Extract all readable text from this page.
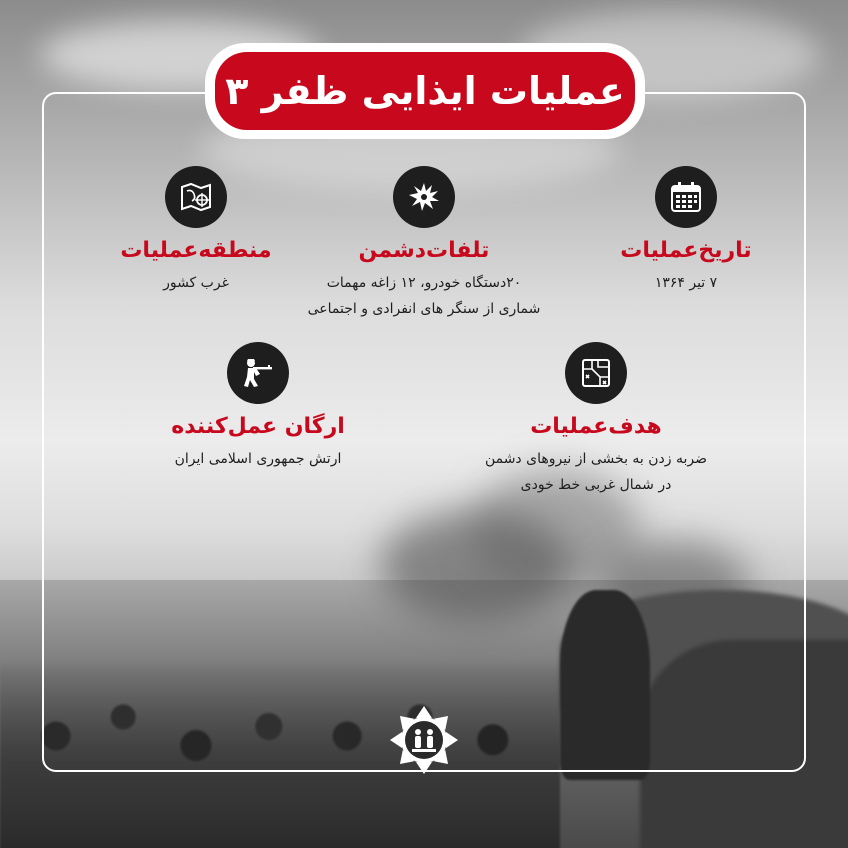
عملیات ایذایی ظفر ۳
تاریخ‌عملیات
۷ تیر ۱۳۶۴
تلفات‌دشمن
۲۰دستگاه خودرو، ۱۲ زاغه مهمات
شماری از سنگر های انفرادی و اجتماعی
منطقه‌عملیات
غرب کشور
هدف‌عملیات
ضربه زدن به بخشی از نیروهای دشمن
در شمال غربی خط خودی
ارگان عمل‌کننده
ارتش جمهوری اسلامی ایران
